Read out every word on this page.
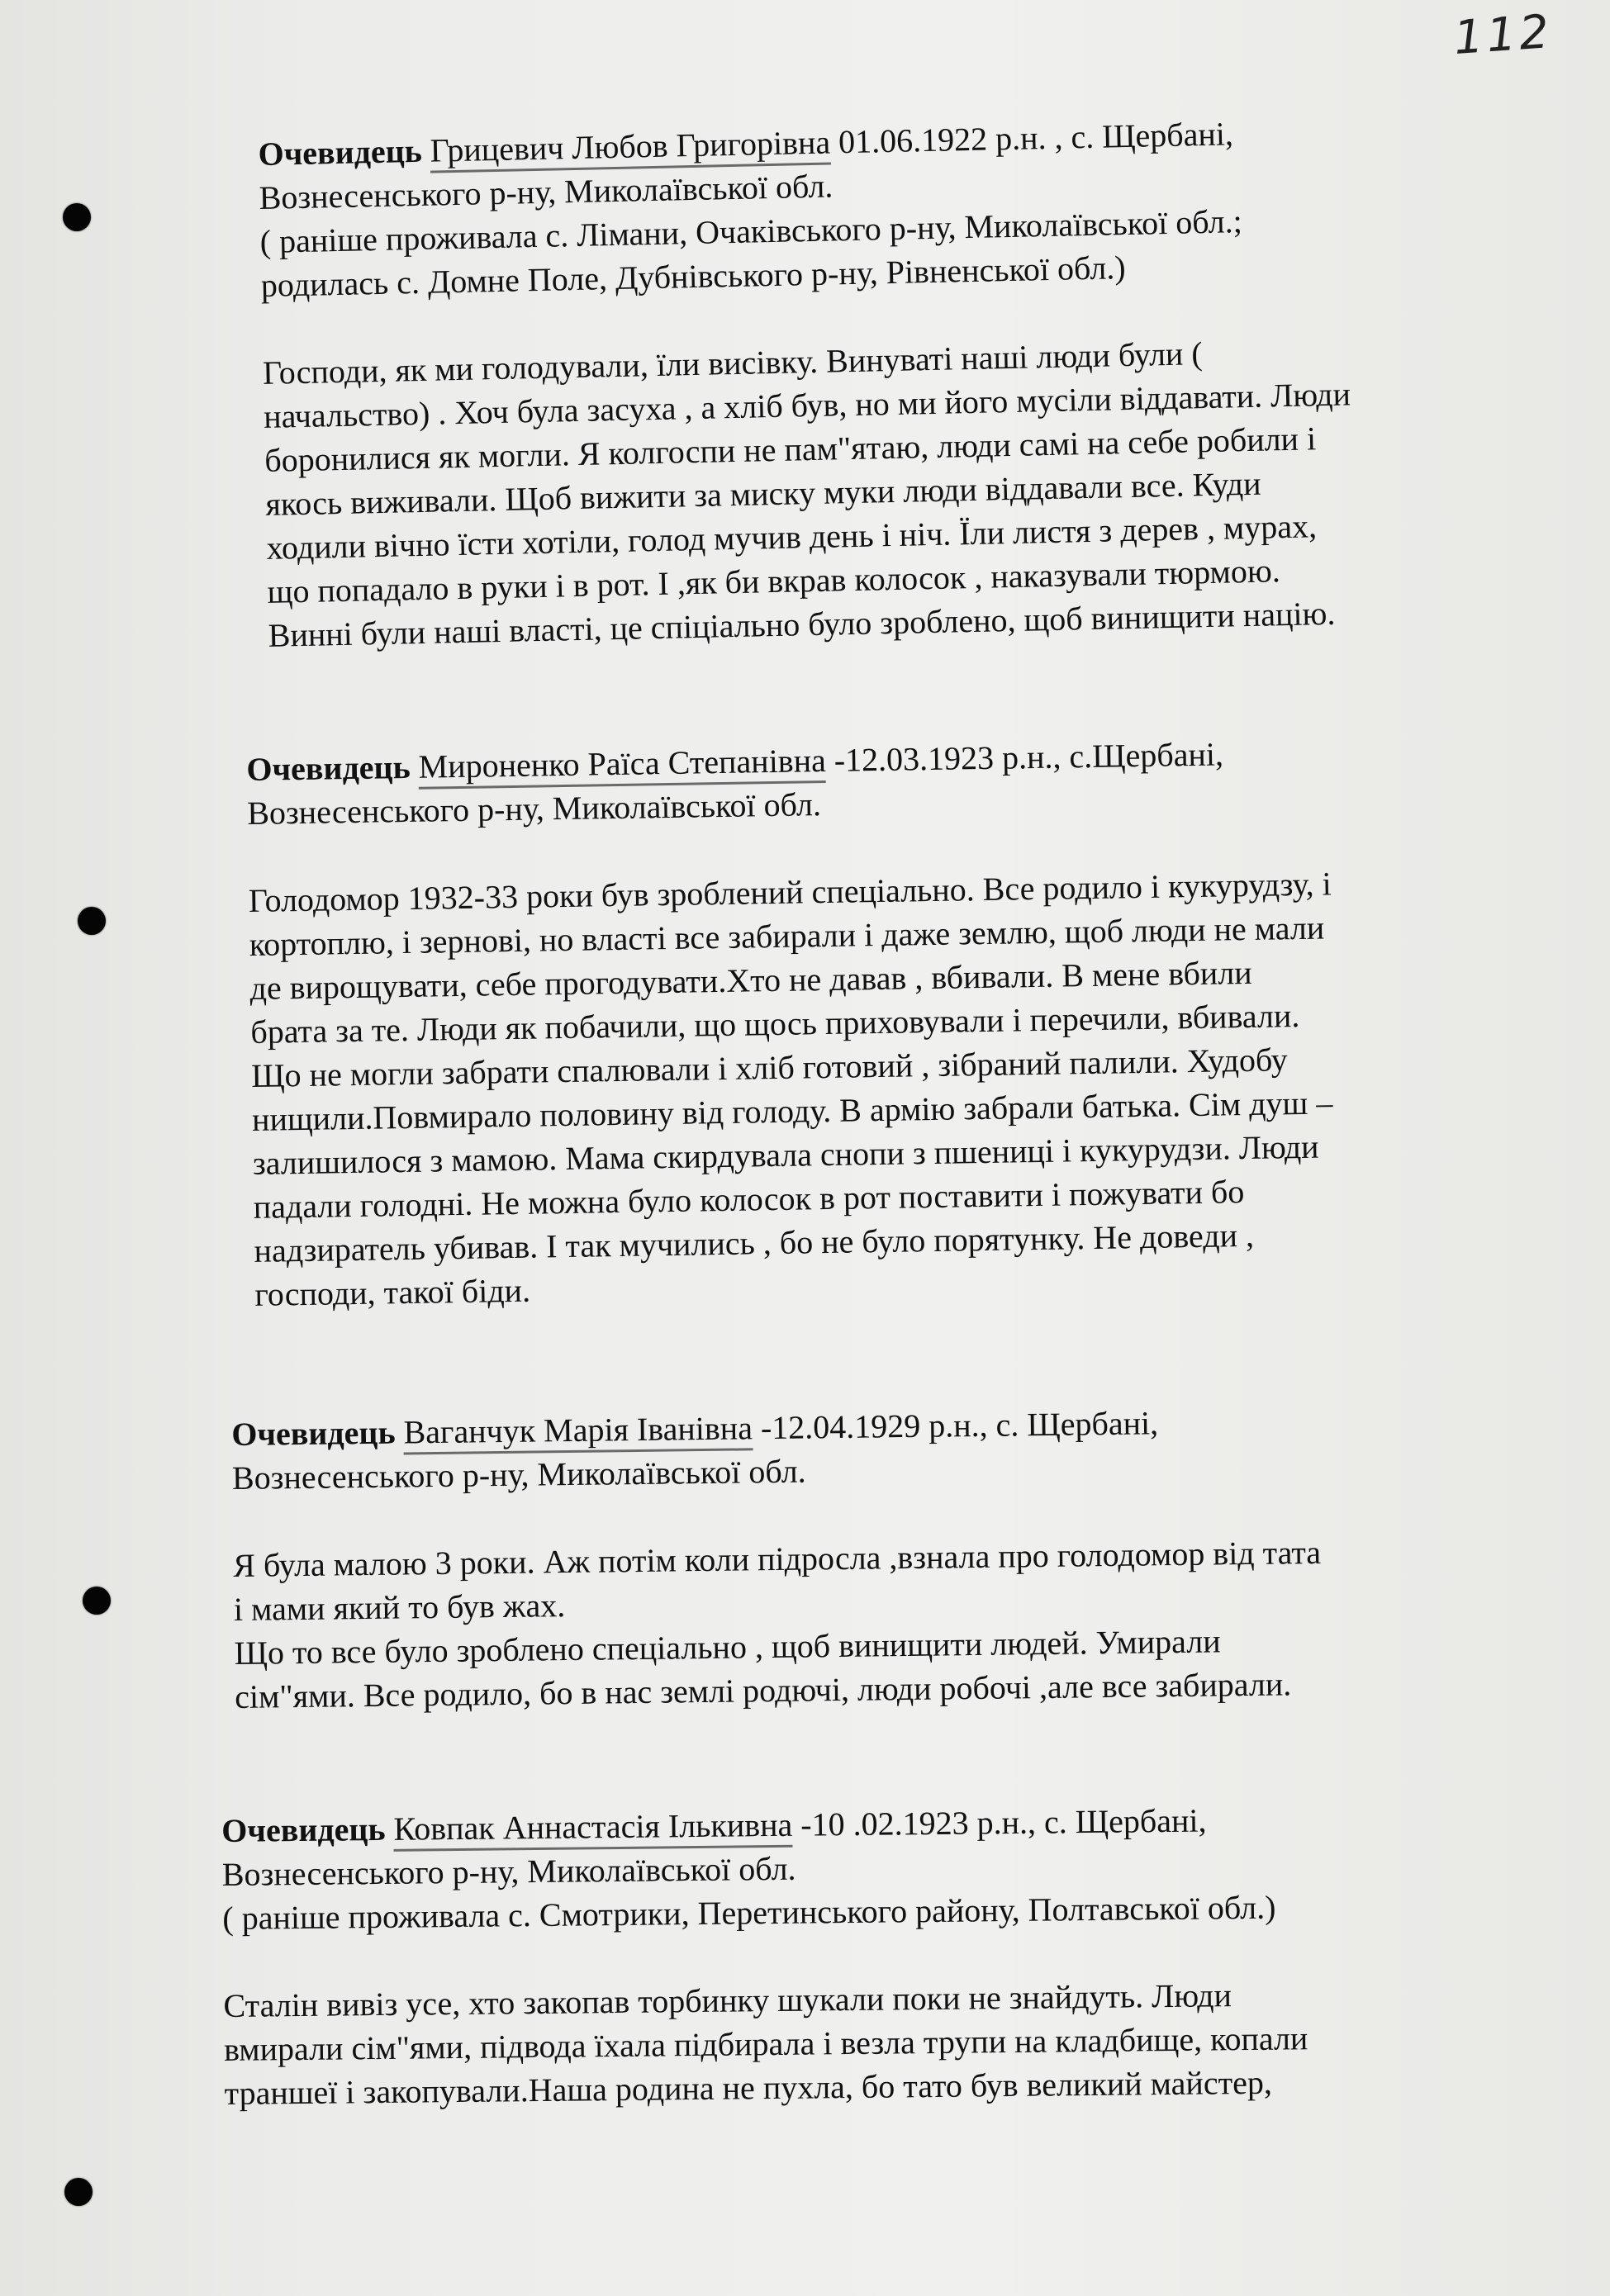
112
Очевидець Грицевич Любов Григорівна 01.06.1922 р.н. , с. Щербані,
Вознесенського р-ну, Миколаївської обл.
( раніше проживала с. Лімани, Очаківського р-ну, Миколаївської обл.;
родилась с. Домне Поле, Дубнівського р-ну, Рівненської обл.)
Господи, як ми голодували, їли висівку. Винуваті наші люди були (
начальство) . Хоч була засуха , а хліб був, но ми його мусіли віддавати. Люди
боронилися як могли. Я колгоспи не пам"ятаю, люди самі на себе робили і
якось виживали. Щоб вижити за миску муки люди віддавали все. Куди
ходили вічно їсти хотіли, голод мучив день і ніч. Їли листя з дерев , мурах,
що попадало в руки і в рот. І ,як би вкрав колосок , наказували тюрмою.
Винні були наші власті, це спіціально було зроблено, щоб винищити націю.
Очевидець Мироненко Раїса Степанівна -12.03.1923 р.н., с.Щербані,
Вознесенського р-ну, Миколаївської обл.
Голодомор 1932-33 роки був зроблений спеціально. Все родило і кукурудзу, і
кортоплю, і зернові, но власті все забирали і даже землю, щоб люди не мали
де вирощувати, себе прогодувати.Хто не давав , вбивали. В мене вбили
брата за те. Люди як побачили, що щось приховували і перечили, вбивали.
Що не могли забрати спалювали і хліб готовий , зібраний палили. Худобу
нищили.Повмирало половину від голоду. В армію забрали батька. Сім душ –
залишилося з мамою. Мама скирдувала снопи з пшениці і кукурудзи. Люди
падали голодні. Не можна було колосок в рот поставити і пожувати бо
надзиратель убивав. І так мучились , бо не було порятунку. Не доведи ,
господи, такої біди.
Очевидець Ваганчук Марія Іванівна -12.04.1929 р.н., с. Щербані,
Вознесенського р-ну, Миколаївської обл.
Я була малою 3 роки. Аж потім коли підросла ,взнала про голодомор від тата
і мами який то був жах.
Що то все було зроблено спеціально , щоб винищити людей. Умирали
сім"ями. Все родило, бо в нас землі родючі, люди робочі ,але все забирали.
Очевидець Ковпак Аннастасія Ількивна -10 .02.1923 р.н., с. Щербані,
Вознесенського р-ну, Миколаївської обл.
( раніше проживала с. Смотрики, Перетинського району, Полтавської обл.)
Сталін вивіз усе, хто закопав торбинку шукали поки не знайдуть. Люди
вмирали сім"ями, підвода їхала підбирала і везла трупи на кладбище, копали
траншеї і закопували.Наша родина не пухла, бо тато був великий майстер,
